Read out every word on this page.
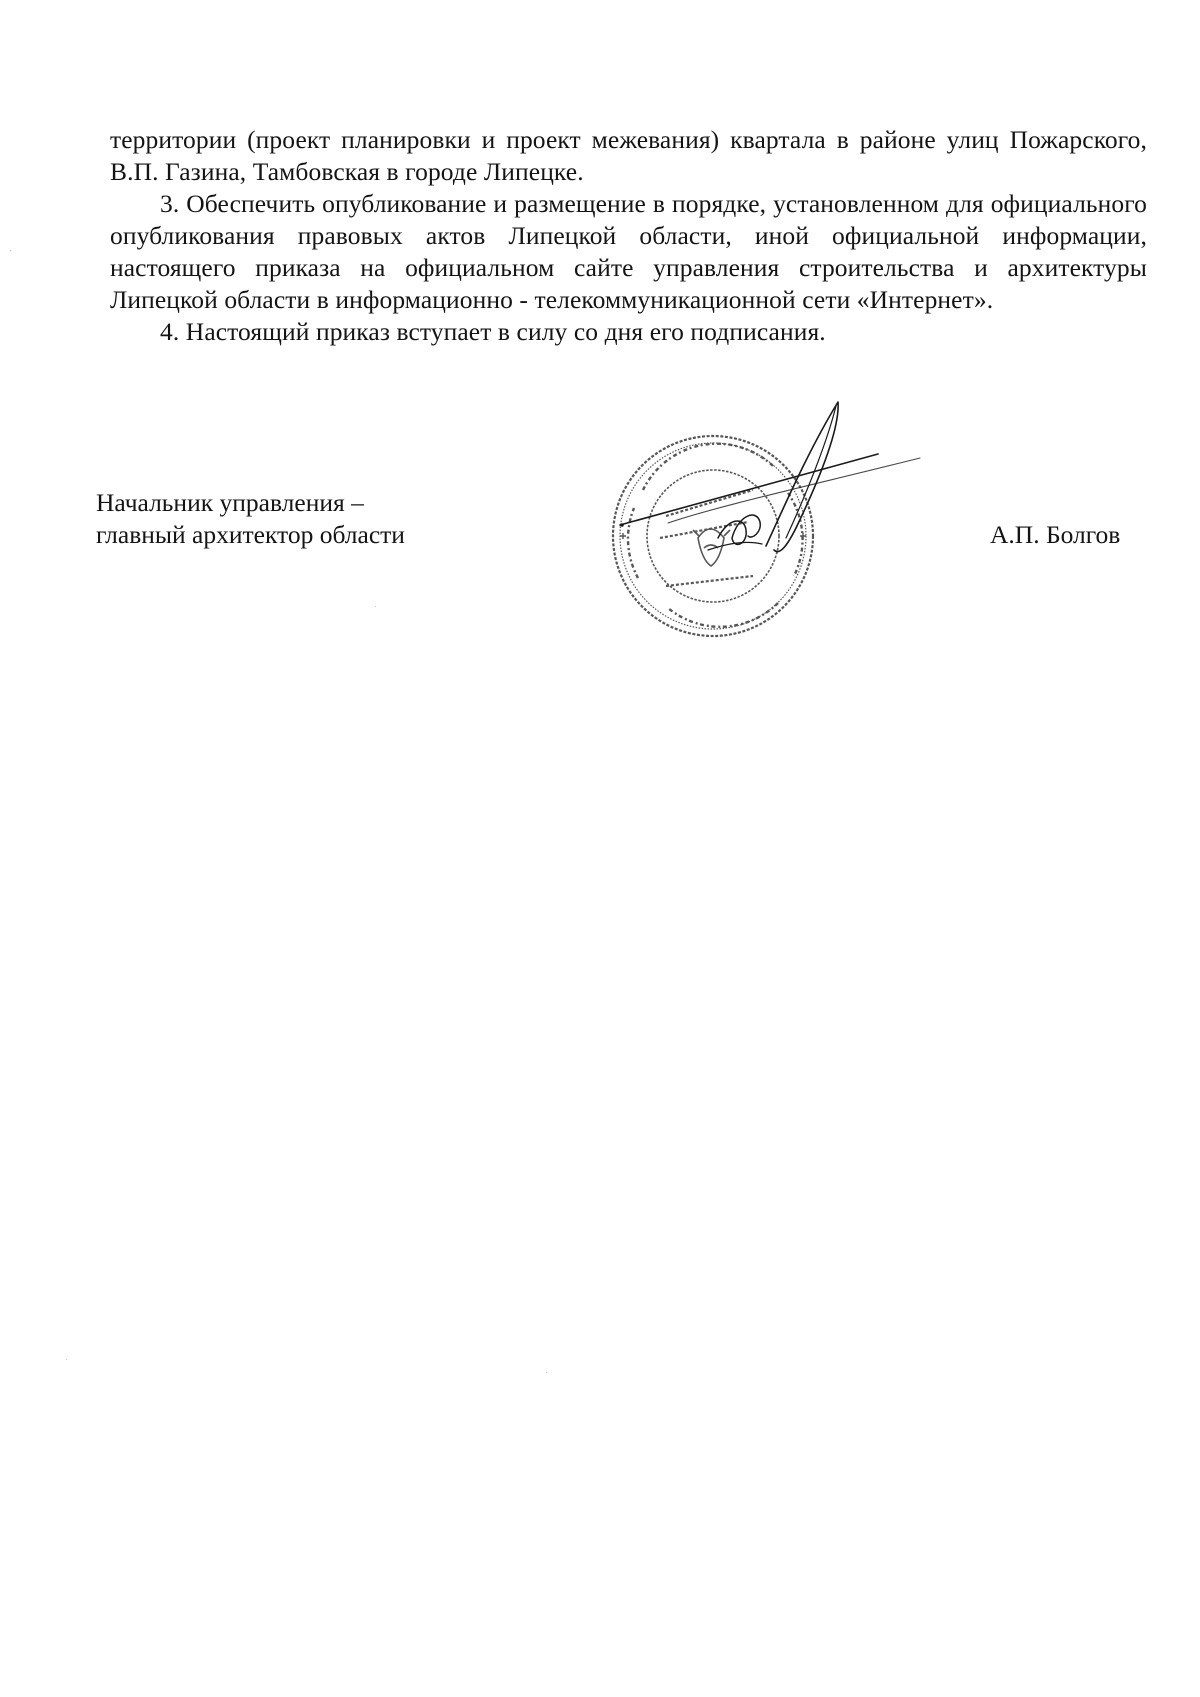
территории (проект планировки и проект межевания) квартала в районе улиц Пожарского, В.П. Газина, Тамбовская в городе Липецке.

3. Обеспечить опубликование и размещение в порядке, установленном для официального опубликования правовых актов Липецкой области, иной официальной информации, настоящего приказа на официальном сайте управления строительства и архитектуры Липецкой области в информационно - телекоммуникационной сети «Интернет».

4. Настоящий приказ вступает в силу со дня его подписания.

Начальник управления –
главный архитектор области	А.П. Болгов
